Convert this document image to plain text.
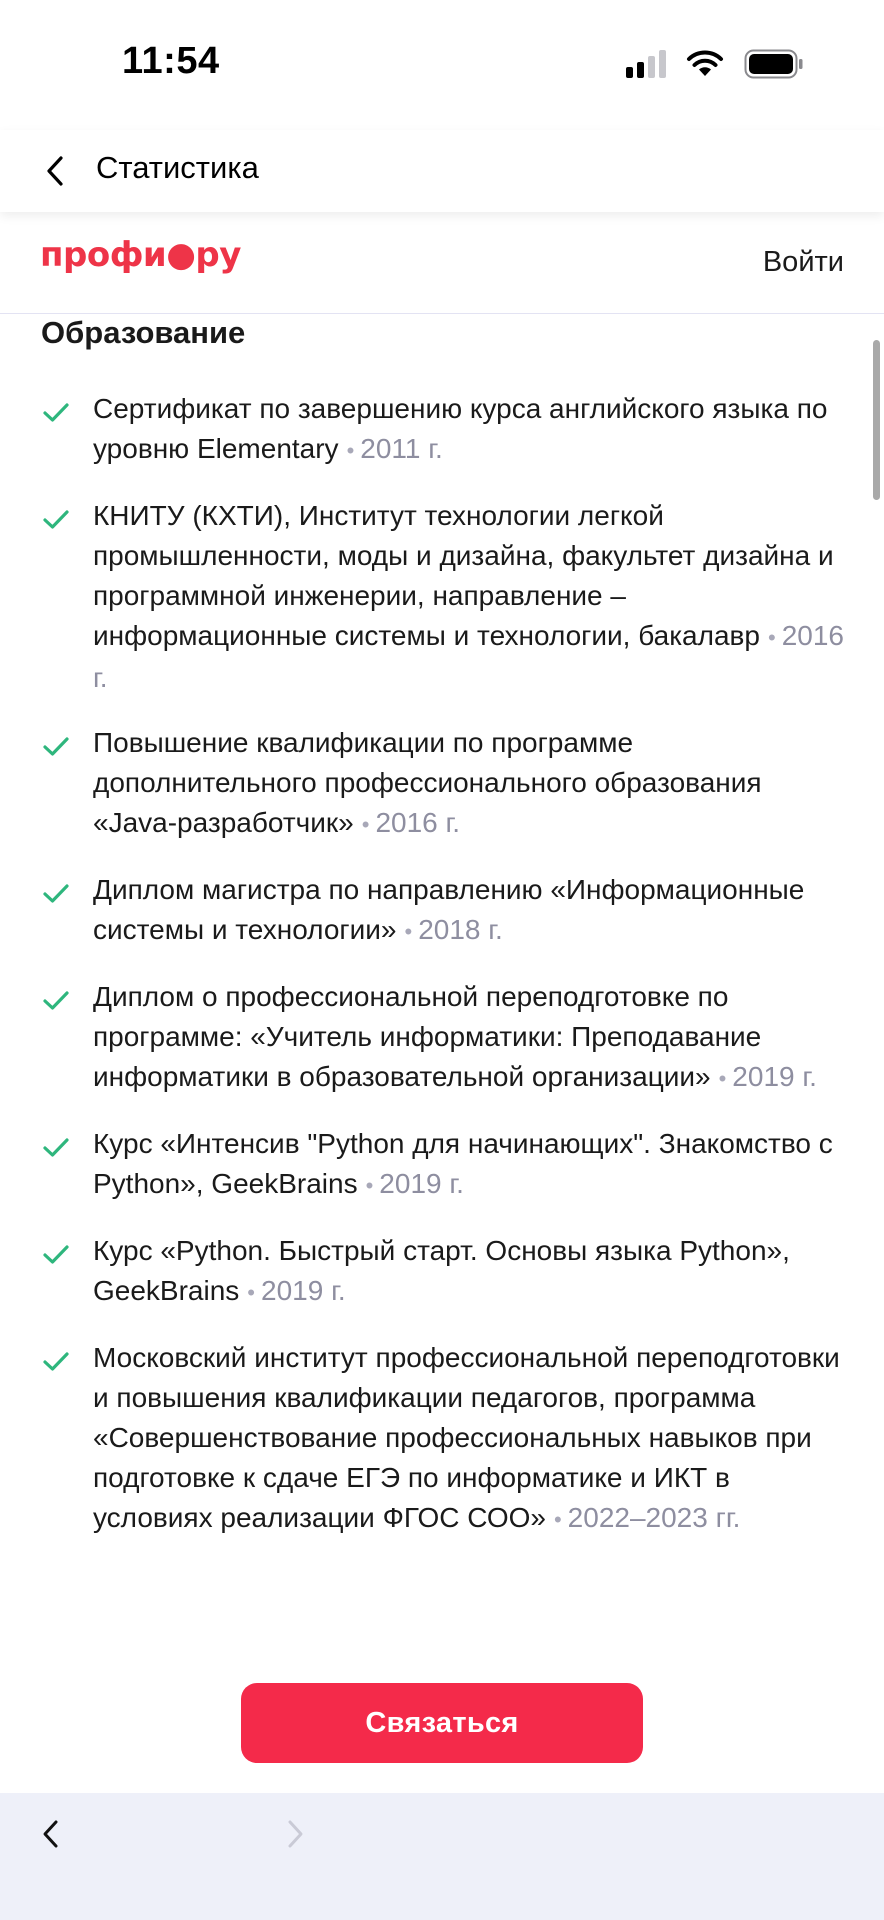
11:54
Статистика
профи●ру	Войти
Образование
Сертификат по завершению курса английского языка по уровню Elementary • 2011 г.
КНИТУ (КХТИ), Институт технологии легкой промышленности, моды и дизайна, факультет дизайна и программной инженерии, направление – информационные системы и технологии, бакалавр • 2016 г.
Повышение квалификации по программе дополнительного профессионального образования «Java-разработчик» • 2016 г.
Диплом магистра по направлению «Информационные системы и технологии» • 2018 г.
Диплом о профессиональной переподготовке по программе: «Учитель информатики: Преподавание информатики в образовательной организации» • 2019 г.
Курс «Интенсив "Python для начинающих". Знакомство с Python», GeekBrains • 2019 г.
Курс «Python. Быстрый старт. Основы языка Python», GeekBrains • 2019 г.
Московский институт профессиональной переподготовки и повышения квалификации педагогов, программа «Совершенствование профессиональных навыков при подготовке к сдаче ЕГЭ по информатике и ИКТ в условиях реализации ФГОС СОО» • 2022–2023 гг.
Связаться
